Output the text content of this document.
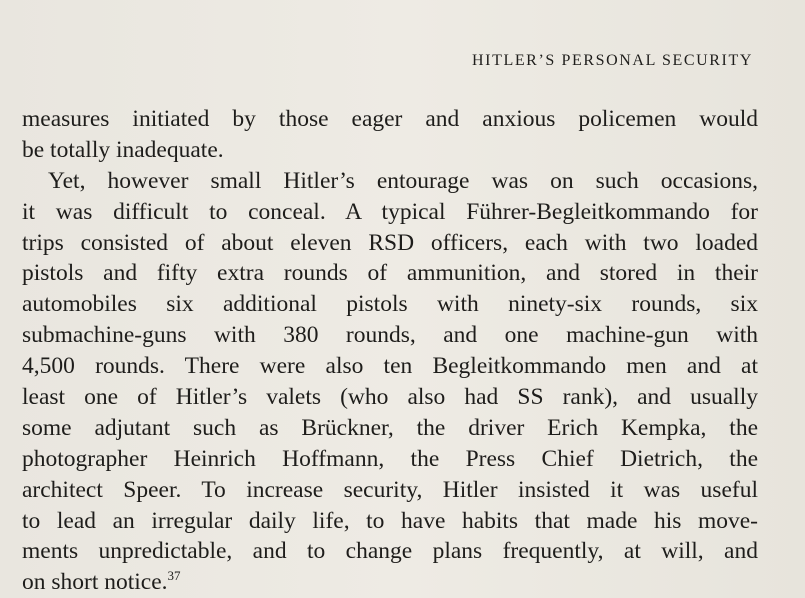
HITLER’S PERSONAL SECURITY
measures initiated by those eager and anxious policemen would
be totally inadequate.
Yet, however small Hitler’s entourage was on such occasions,
it was difficult to conceal. A typical Führer-Begleitkommando for
trips consisted of about eleven RSD officers, each with two loaded
pistols and fifty extra rounds of ammunition, and stored in their
automobiles six additional pistols with ninety-six rounds, six
submachine-guns with 380 rounds, and one machine-gun with
4,500 rounds. There were also ten Begleitkommando men and at
least one of Hitler’s valets (who also had SS rank), and usually
some adjutant such as Brückner, the driver Erich Kempka, the
photographer Heinrich Hoffmann, the Press Chief Dietrich, the
architect Speer. To increase security, Hitler insisted it was useful
to lead an irregular daily life, to have habits that made his move-
ments unpredictable, and to change plans frequently, at will, and
on short notice.$^{37}$
